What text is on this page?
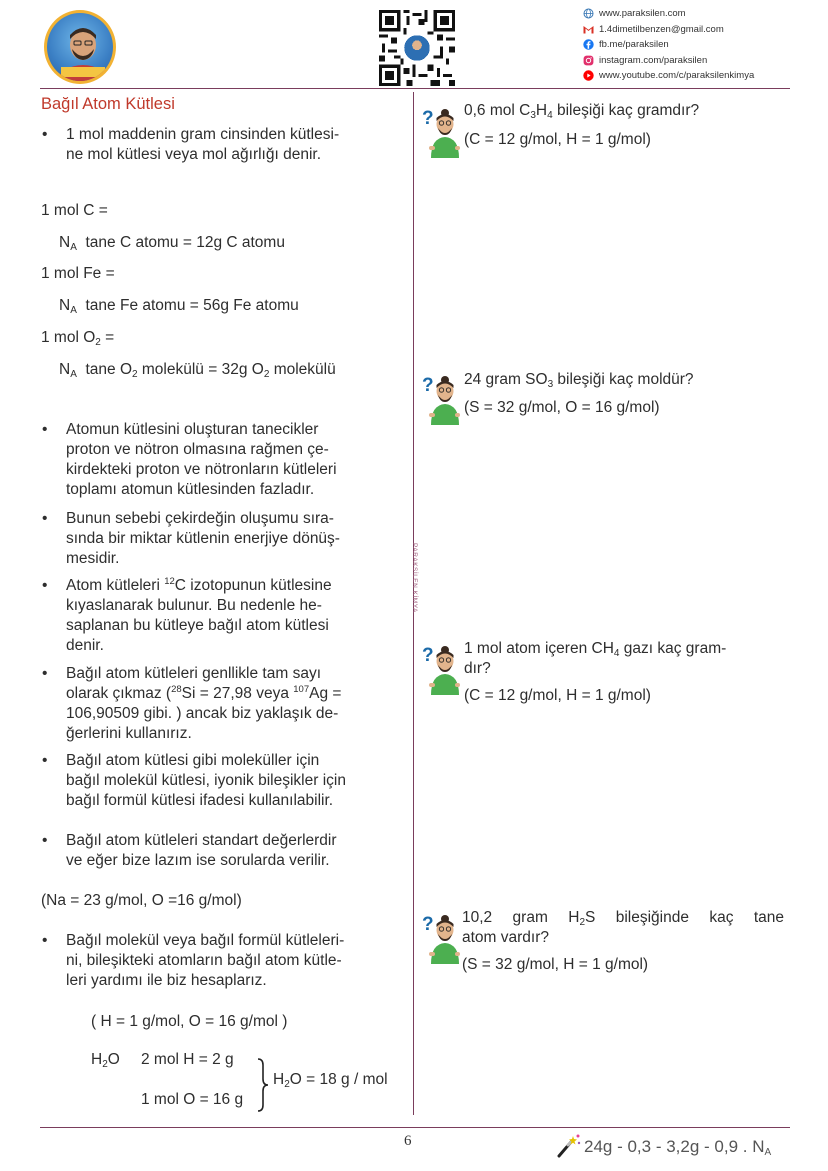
www.paraksilen.com
1.4dimetilbenzen@gmail.com
fb.me/paraksilen
instagram.com/paraksilen
www.youtube.com/c/paraksilenkimya
PARAKSİLEN KİMYA
Bağıl Atom Kütlesi
• 1 mol maddenin gram cinsinden kütlesi-
ne mol kütlesi veya mol ağırlığı denir.
1 mol C =
$N_A$ tane C atomu = 12g C atomu
1 mol Fe =
$N_A$ tane Fe atomu = 56g Fe atomu
1 mol $O_2$ =
$N_A$ tane $O_2$ molekülü = 32g $O_2$ molekülü
• Atomun kütlesini oluşturan tanecikler
proton ve nötron olmasına rağmen çe-
kirdekteki proton ve nötronların kütleleri
toplamı atomun kütlesinden fazladır.
• Bunun sebebi çekirdeğin oluşumu sıra-
sında bir miktar kütlenin enerjiye dönüş-
mesidir.
• Atom kütleleri $^{12}$C izotopunun kütlesine
kıyaslanarak bulunur. Bu nedenle he-
saplanan bu kütleye bağıl atom kütlesi
denir.
• Bağıl atom kütleleri genllikle tam sayı
olarak çıkmaz ($^{28}$Si = 27,98 veya $^{107}$Ag =
106,90509 gibi. ) ancak biz yaklaşık de-
ğerlerini kullanırız.
• Bağıl atom kütlesi gibi moleküller için
bağıl molekül kütlesi, iyonik bileşikler için
bağıl formül kütlesi ifadesi kullanılabilir.
• Bağıl atom kütleleri standart değerlerdir
ve eğer bize lazım ise sorularda verilir.
(Na = 23 g/mol, O =16 g/mol)
• Bağıl molekül veya bağıl formül kütleleri-
ni, bileşikteki atomların bağıl atom kütle-
leri yardımı ile biz hesaplarız.
( H = 1 g/mol, O = 16 g/mol )
$H_2O$ 2 mol H = 2 g
1 mol O = 16 g
$H_2O = 18$ g / mol
? 0,6 mol $C_3H_4$ bileşiği kaç gramdır?
(C = 12 g/mol, H = 1 g/mol)
? 24 gram $SO_3$ bileşiği kaç moldür?
(S = 32 g/mol, O = 16 g/mol)
? 1 mol atom içeren $CH_4$ gazı kaç gram-
dır?
(C = 12 g/mol, H = 1 g/mol)
? 10,2 gram $H_2S$ bileşiğinde kaç tane
atom vardır?
(S = 32 g/mol, H = 1 g/mol)
6	24g - 0,3 - 3,2g - 0,9 . $N_A$
